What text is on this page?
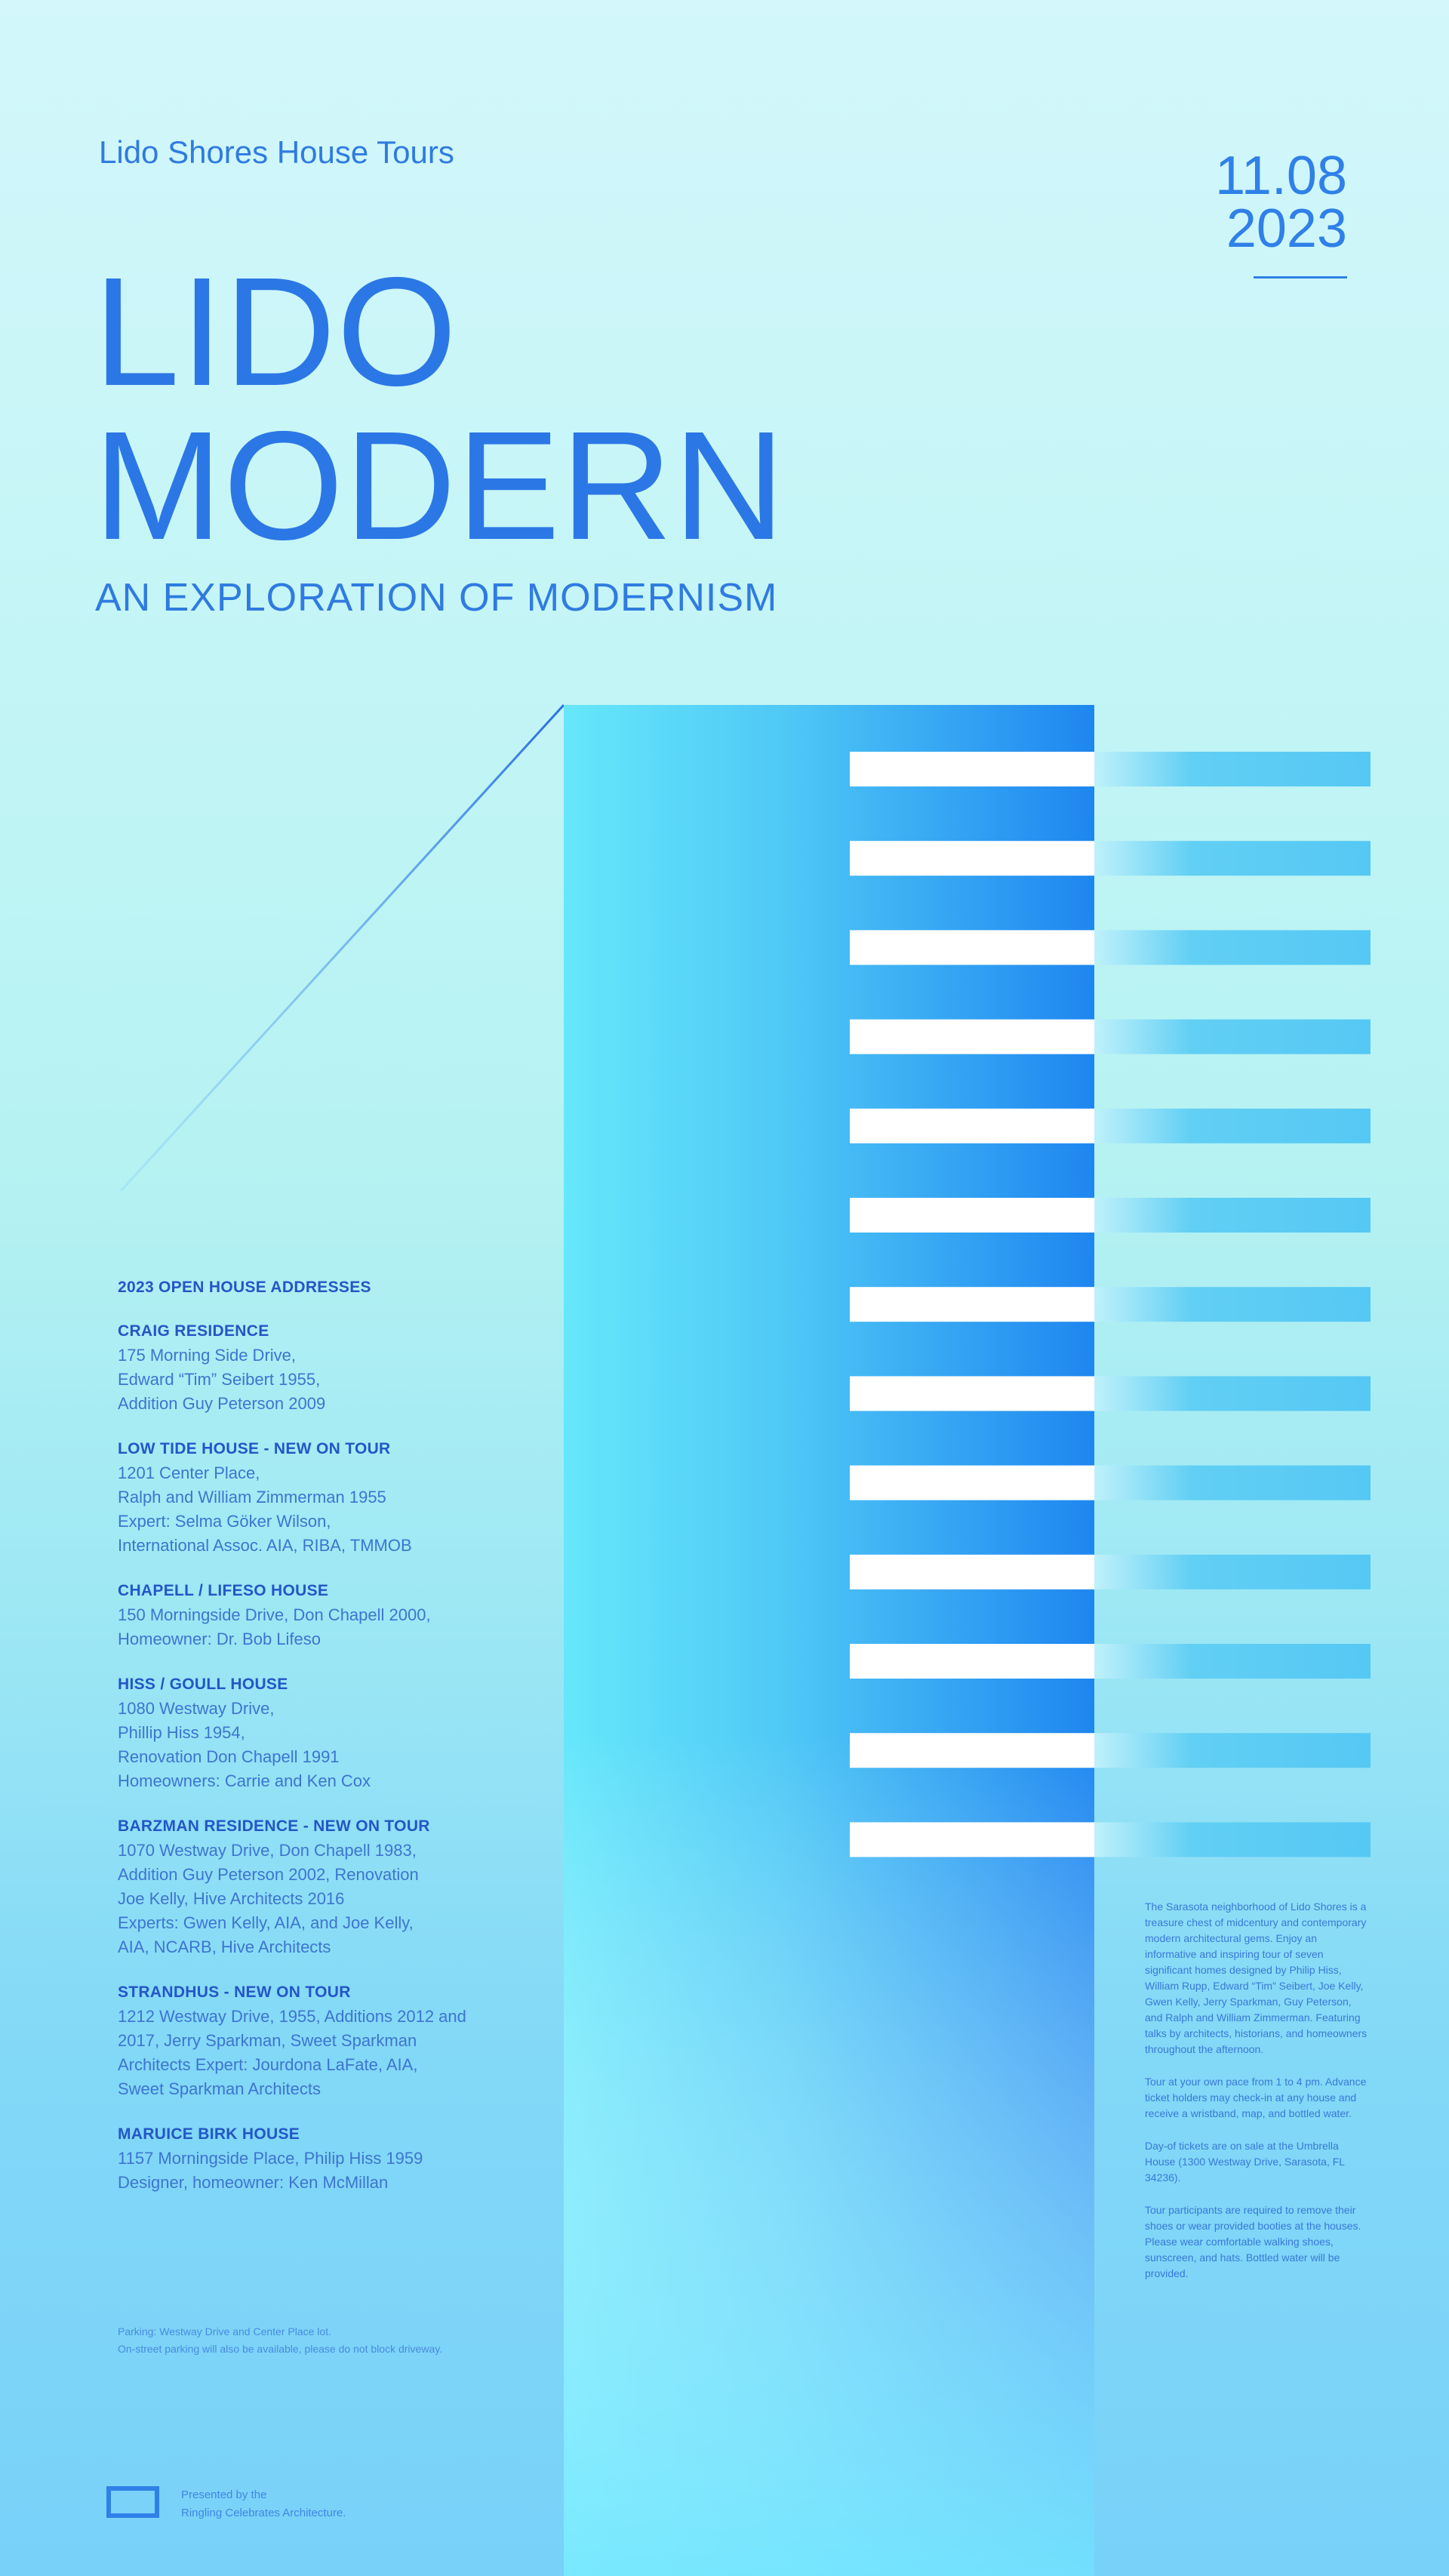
Lido Shores House Tours	11.08
2023
LIDO
MODERN
AN EXPLORATION OF MODERNISM
2023 OPEN HOUSE ADDRESSES
CRAIG RESIDENCE
175 Morning Side Drive,
Edward “Tim” Seibert 1955,
Addition Guy Peterson 2009
LOW TIDE HOUSE - NEW ON TOUR
1201 Center Place,
Ralph and William Zimmerman 1955
Expert: Selma Göker Wilson,
International Assoc. AIA, RIBA, TMMOB
CHAPELL / LIFESO HOUSE
150 Morningside Drive, Don Chapell 2000,
Homeowner: Dr. Bob Lifeso
HISS / GOULL HOUSE
1080 Westway Drive,
Phillip Hiss 1954,
Renovation Don Chapell 1991
Homeowners: Carrie and Ken Cox
BARZMAN RESIDENCE - NEW ON TOUR
1070 Westway Drive, Don Chapell 1983,
Addition Guy Peterson 2002, Renovation
Joe Kelly, Hive Architects 2016
Experts: Gwen Kelly, AIA, and Joe Kelly,
AIA, NCARB, Hive Architects
STRANDHUS - NEW ON TOUR
1212 Westway Drive, 1955, Additions 2012 and
2017, Jerry Sparkman, Sweet Sparkman
Architects Expert: Jourdona LaFate, AIA,
Sweet Sparkman Architects
MARUICE BIRK HOUSE
1157 Morningside Place, Philip Hiss 1959
Designer, homeowner: Ken McMillan

The Sarasota neighborhood of Lido Shores is a treasure chest of midcentury and contemporary modern architectural gems. Enjoy an informative and inspiring tour of seven significant homes designed by Philip Hiss, William Rupp, Edward “Tim” Seibert, Joe Kelly, Gwen Kelly, Jerry Sparkman, Guy Peterson, and Ralph and William Zimmerman. Featuring talks by architects, historians, and homeowners throughout the afternoon.

Tour at your own pace from 1 to 4 pm. Advance ticket holders may check-in at any house and receive a wristband, map, and bottled water.

Day-of tickets are on sale at the Umbrella House (1300 Westway Drive, Sarasota, FL 34236).

Tour participants are required to remove their shoes or wear provided booties at the houses. Please wear comfortable walking shoes, sunscreen, and hats. Bottled water will be provided.

Parking: Westway Drive and Center Place lot.
On-street parking will also be available, please do not block driveway.
Presented by the
Ringling Celebrates Architecture.
